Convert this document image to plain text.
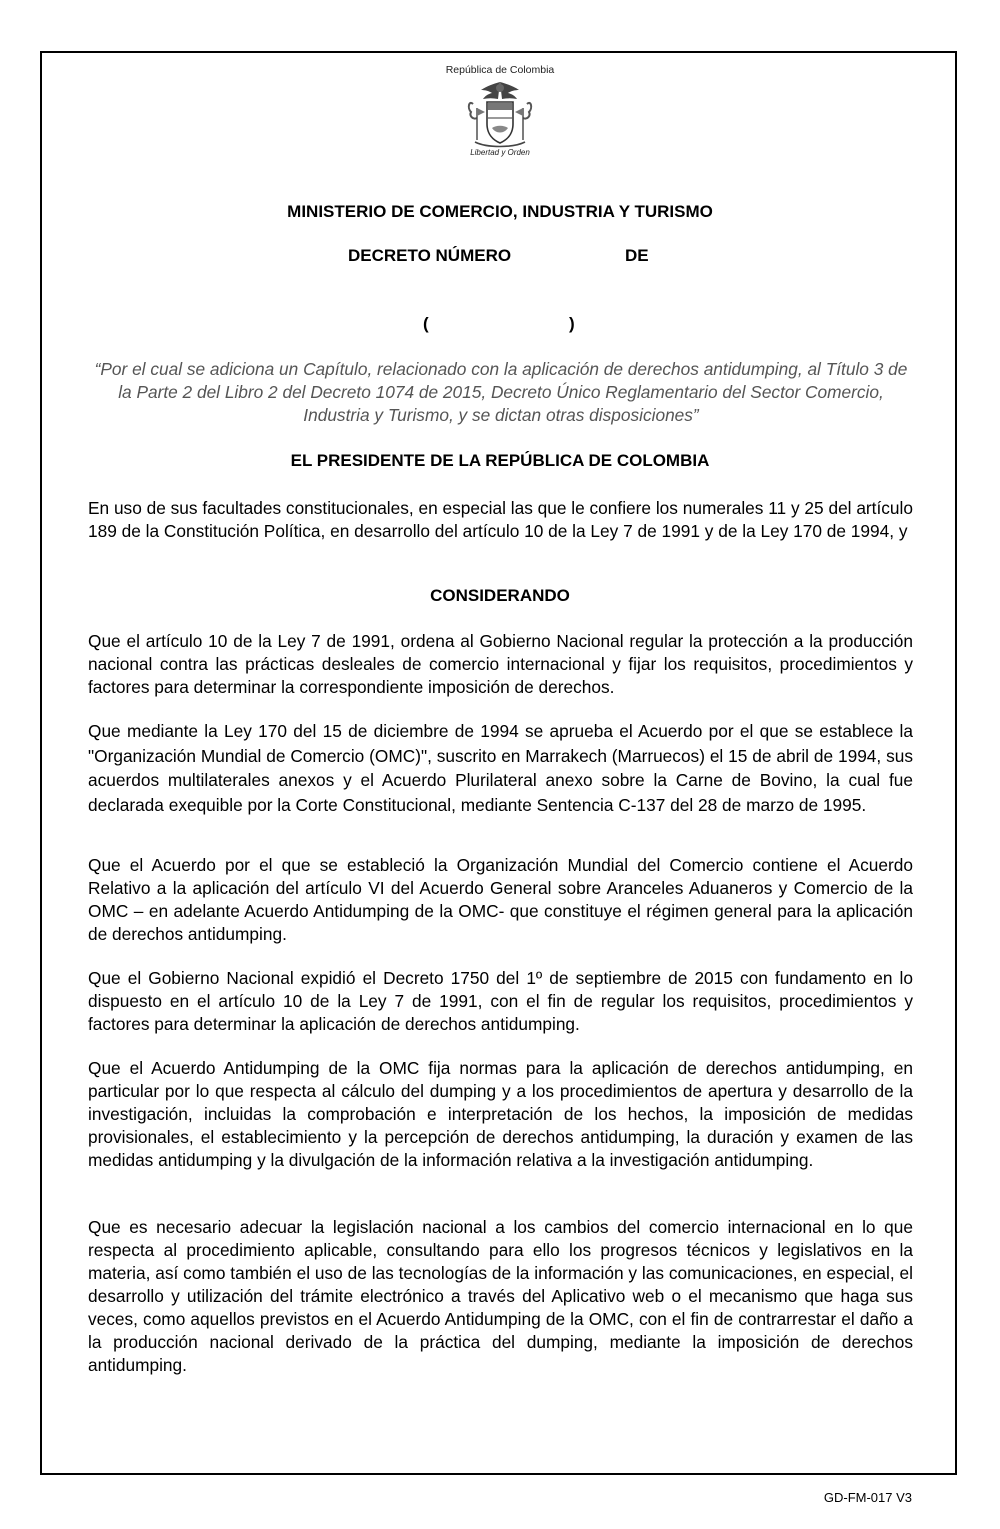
República de Colombia
Libertad y Orden
MINISTERIO DE COMERCIO, INDUSTRIA Y TURISMO
DECRETO NÚMERO	DE
(	)
“Por el cual se adiciona un Capítulo, relacionado con la aplicación de derechos antidumping, al Título 3 de la Parte 2 del Libro 2 del Decreto 1074 de 2015, Decreto Único Reglamentario del Sector Comercio, Industria y Turismo, y se dictan otras disposiciones”
EL PRESIDENTE DE LA REPÚBLICA DE COLOMBIA
En uso de sus facultades constitucionales, en especial las que le confiere los numerales 11 y 25 del artículo 189 de la Constitución Política, en desarrollo del artículo 10 de la Ley 7 de 1991 y de la Ley 170 de 1994, y
CONSIDERANDO
Que el artículo 10 de la Ley 7 de 1991, ordena al Gobierno Nacional regular la protección a la producción nacional contra las prácticas desleales de comercio internacional y fijar los requisitos, procedimientos y factores para determinar la correspondiente imposición de derechos.
Que mediante la Ley 170 del 15 de diciembre de 1994 se aprueba el Acuerdo por el que se establece la "Organización Mundial de Comercio (OMC)", suscrito en Marrakech (Marruecos) el 15 de abril de 1994, sus acuerdos multilaterales anexos y el Acuerdo Plurilateral anexo sobre la Carne de Bovino, la cual fue declarada exequible por la Corte Constitucional, mediante Sentencia C-137 del 28 de marzo de 1995.
Que el Acuerdo por el que se estableció la Organización Mundial del Comercio contiene el Acuerdo Relativo a la aplicación del artículo VI del Acuerdo General sobre Aranceles Aduaneros y Comercio de la OMC – en adelante Acuerdo Antidumping de la OMC- que constituye el régimen general para la aplicación de derechos antidumping.
Que el Gobierno Nacional expidió el Decreto 1750 del 1º de septiembre de 2015 con fundamento en lo dispuesto en el artículo 10 de la Ley 7 de 1991, con el fin de regular los requisitos, procedimientos y factores para determinar la aplicación de derechos antidumping.
Que el Acuerdo Antidumping de la OMC fija normas para la aplicación de derechos antidumping, en particular por lo que respecta al cálculo del dumping y a los procedimientos de apertura y desarrollo de la investigación, incluidas la comprobación e interpretación de los hechos, la imposición de medidas provisionales, el establecimiento y la percepción de derechos antidumping, la duración y examen de las medidas antidumping y la divulgación de la información relativa a la investigación antidumping.
Que es necesario adecuar la legislación nacional a los cambios del comercio internacional en lo que respecta al procedimiento aplicable, consultando para ello los progresos técnicos y legislativos en la materia, así como también el uso de las tecnologías de la información y las comunicaciones, en especial, el desarrollo y utilización del trámite electrónico a través del Aplicativo web o el mecanismo que haga sus veces, como aquellos previstos en el Acuerdo Antidumping de la OMC, con el fin de contrarrestar el daño a la producción nacional derivado de la práctica del dumping, mediante la imposición de derechos antidumping.
GD-FM-017 V3
